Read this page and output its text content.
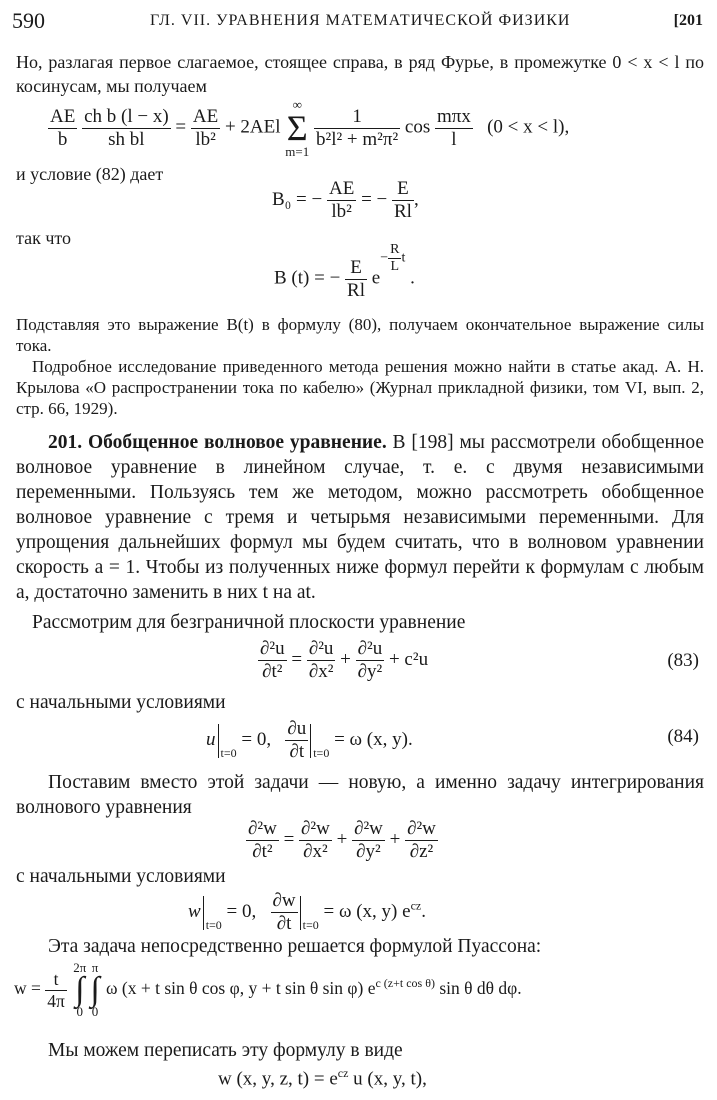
590	ГЛ. VII. УРАВНЕНИЯ МАТЕМАТИЧЕСКОЙ ФИЗИКИ	[201
Но, разлагая первое слагаемое, стоящее справа, в ряд Фурье, в промежутке 0 < x < l по косинусам, мы получаем
$\frac{AE}{b}$
$\frac{\text{ch b (l − x)}}{\text{sh bl}} = \frac{AE}{\text{lb²}} + 2AEl$
∞
Σ
m=1

$\frac{1}{\text{b²l² + m²π²}}$ $\cos \frac{\text{mπx}}{l} (0 < x < l)$,
и условие (82) дает
B₀ = − $\frac{AE}{\text{lb²}}$ = − $\frac{E}{Rl}$ ,
так что
B (t) = − $\frac{E}{Rl} e- \frac{R}{L}$ t .
Подставляя это выражение B(t) в формулу (80), получаем окончательное выражение силы тока.
Подробное исследование приведенного метода решения можно найти в статье акад. А. Н. Крылова «О распространении тока по кабелю» (Журнал прикладной физики, том VI, вып. 2, стр. 66, 1929).
201. Обобщенное волновое уравнение. В [198] мы рассмотрели обобщенное волновое уравнение в линейном случае, т. е. с двумя независимыми переменными. Пользуясь тем же методом, можно рассмотреть обобщенное волновое уравнение с тремя и четырьмя независимыми переменными. Для упрощения дальнейших формул мы будем считать, что в волновом уравнении скорость a = 1. Чтобы из полученных ниже формул перейти к формулам с любым a, достаточно заменить в них t на at.
Рассмотрим для безграничной плоскости уравнение
$\frac{\text{∂²u}}{\text{∂t²}} = \frac{\text{∂²u}}{\text{∂x²}} + \frac{\text{∂²u}}{\text{∂y²}} + c^2u$	(83)
с начальными условиями
$u_{t=0} = 0$, $\frac{\partial u}{\partial t} _{t=0} = \omega$ (x, y).	(84)
Поставим вместо этой задачи — новую, а именно задачу интегрирования волнового уравнения
$\frac{\text{∂²w}}{\text{∂t²}} = \frac{\text{∂²w}}{\text{∂x²}} + \frac{\text{∂²w}}{\text{∂y²}} + \frac{\text{∂²w}}{\text{∂z²}}$
с начальными условиями
$w_{t=0} = 0$, $\frac{\partial w}{\partial t} _{t=0} = \omega$ (x, y) $e^{cz}$.
Эта задача непосредственно решается формулой Пуассона:
$w = \frac{t}{4\pi}$

2π
∫
0
π
∫
0
ω (x + t sin θ cos φ, y + t sin θ sin φ) $e^{c (z+t cos \theta)}$ sin θ dθ dφ.
Мы можем переписать эту формулу в виде
w (x, y, z, $t) = e^{cz}$ u (x, y, t),
